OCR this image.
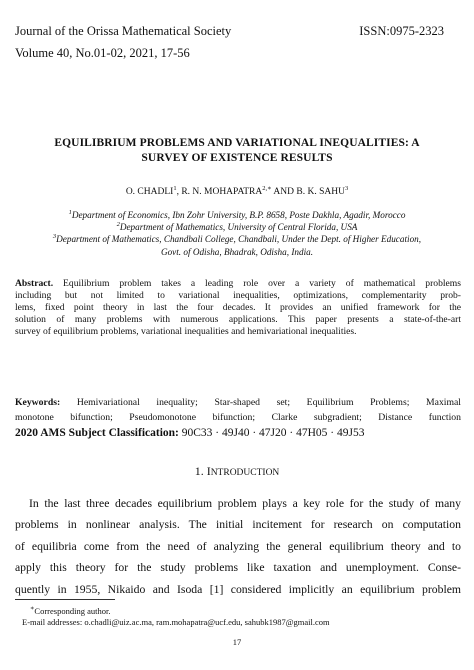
Journal of the Orissa Mathematical Society	ISSN:0975-2323
Volume 40, No.01-02, 2021, 17-56
EQUILIBRIUM PROBLEMS AND VARIATIONAL INEQUALITIES: A
SURVEY OF EXISTENCE RESULTS
O. CHADLI$^1$, R. N. $MOHAPATRA^{2,∗}$ AND B. K. SAHU$^3$
$^1$Department of Economics, Ibn Zohr University, B.P. 8658, Poste Dakhla, Agadir, Morocco
$^2$Department of Mathematics, University of Central Florida, USA
$^3$Department of Mathematics, Chandbali College, Chandbali, Under the Dept. of Higher Education,
Govt. of Odisha, Bhadrak, Odisha, India.
Abstract. Equilibrium problem takes a leading role over a variety of mathematical problems
including but not limited to variational inequalities, optimizations, complementarity prob-
lems, fixed point theory in last the four decades. It provides an unified framework for the
solution of many problems with numerous applications. This paper presents a state-of-the-art
survey of equilibrium problems, variational inequalities and hemivariational inequalities.
Keywords: Hemivariational inequality; Star-shaped set; Equilibrium Problems; Maximal
monotone bifunction; Pseudomonotone bifunction; Clarke subgradient; Distance function
2020 AMS Subject Classification: 90C33 · 49J40 · 47J20 · 47H05 · 49J53
1. INTRODUCTION
In the last three decades equilibrium problem plays a key role for the study of many
problems in nonlinear analysis. The initial incitement for research on computation
of equilibria come from the need of analyzing the general equilibrium theory and to
apply this theory for the study problems like taxation and unemployment. Conse-
quently in 1955, Nikaido and Isoda [1] considered implicitly an equilibrium problem
∗Corresponding author.
E-mail addresses: o.chadli@uiz.ac.ma, ram.mohapatra@ucf.edu, sahubk1987@gmail.com
17
